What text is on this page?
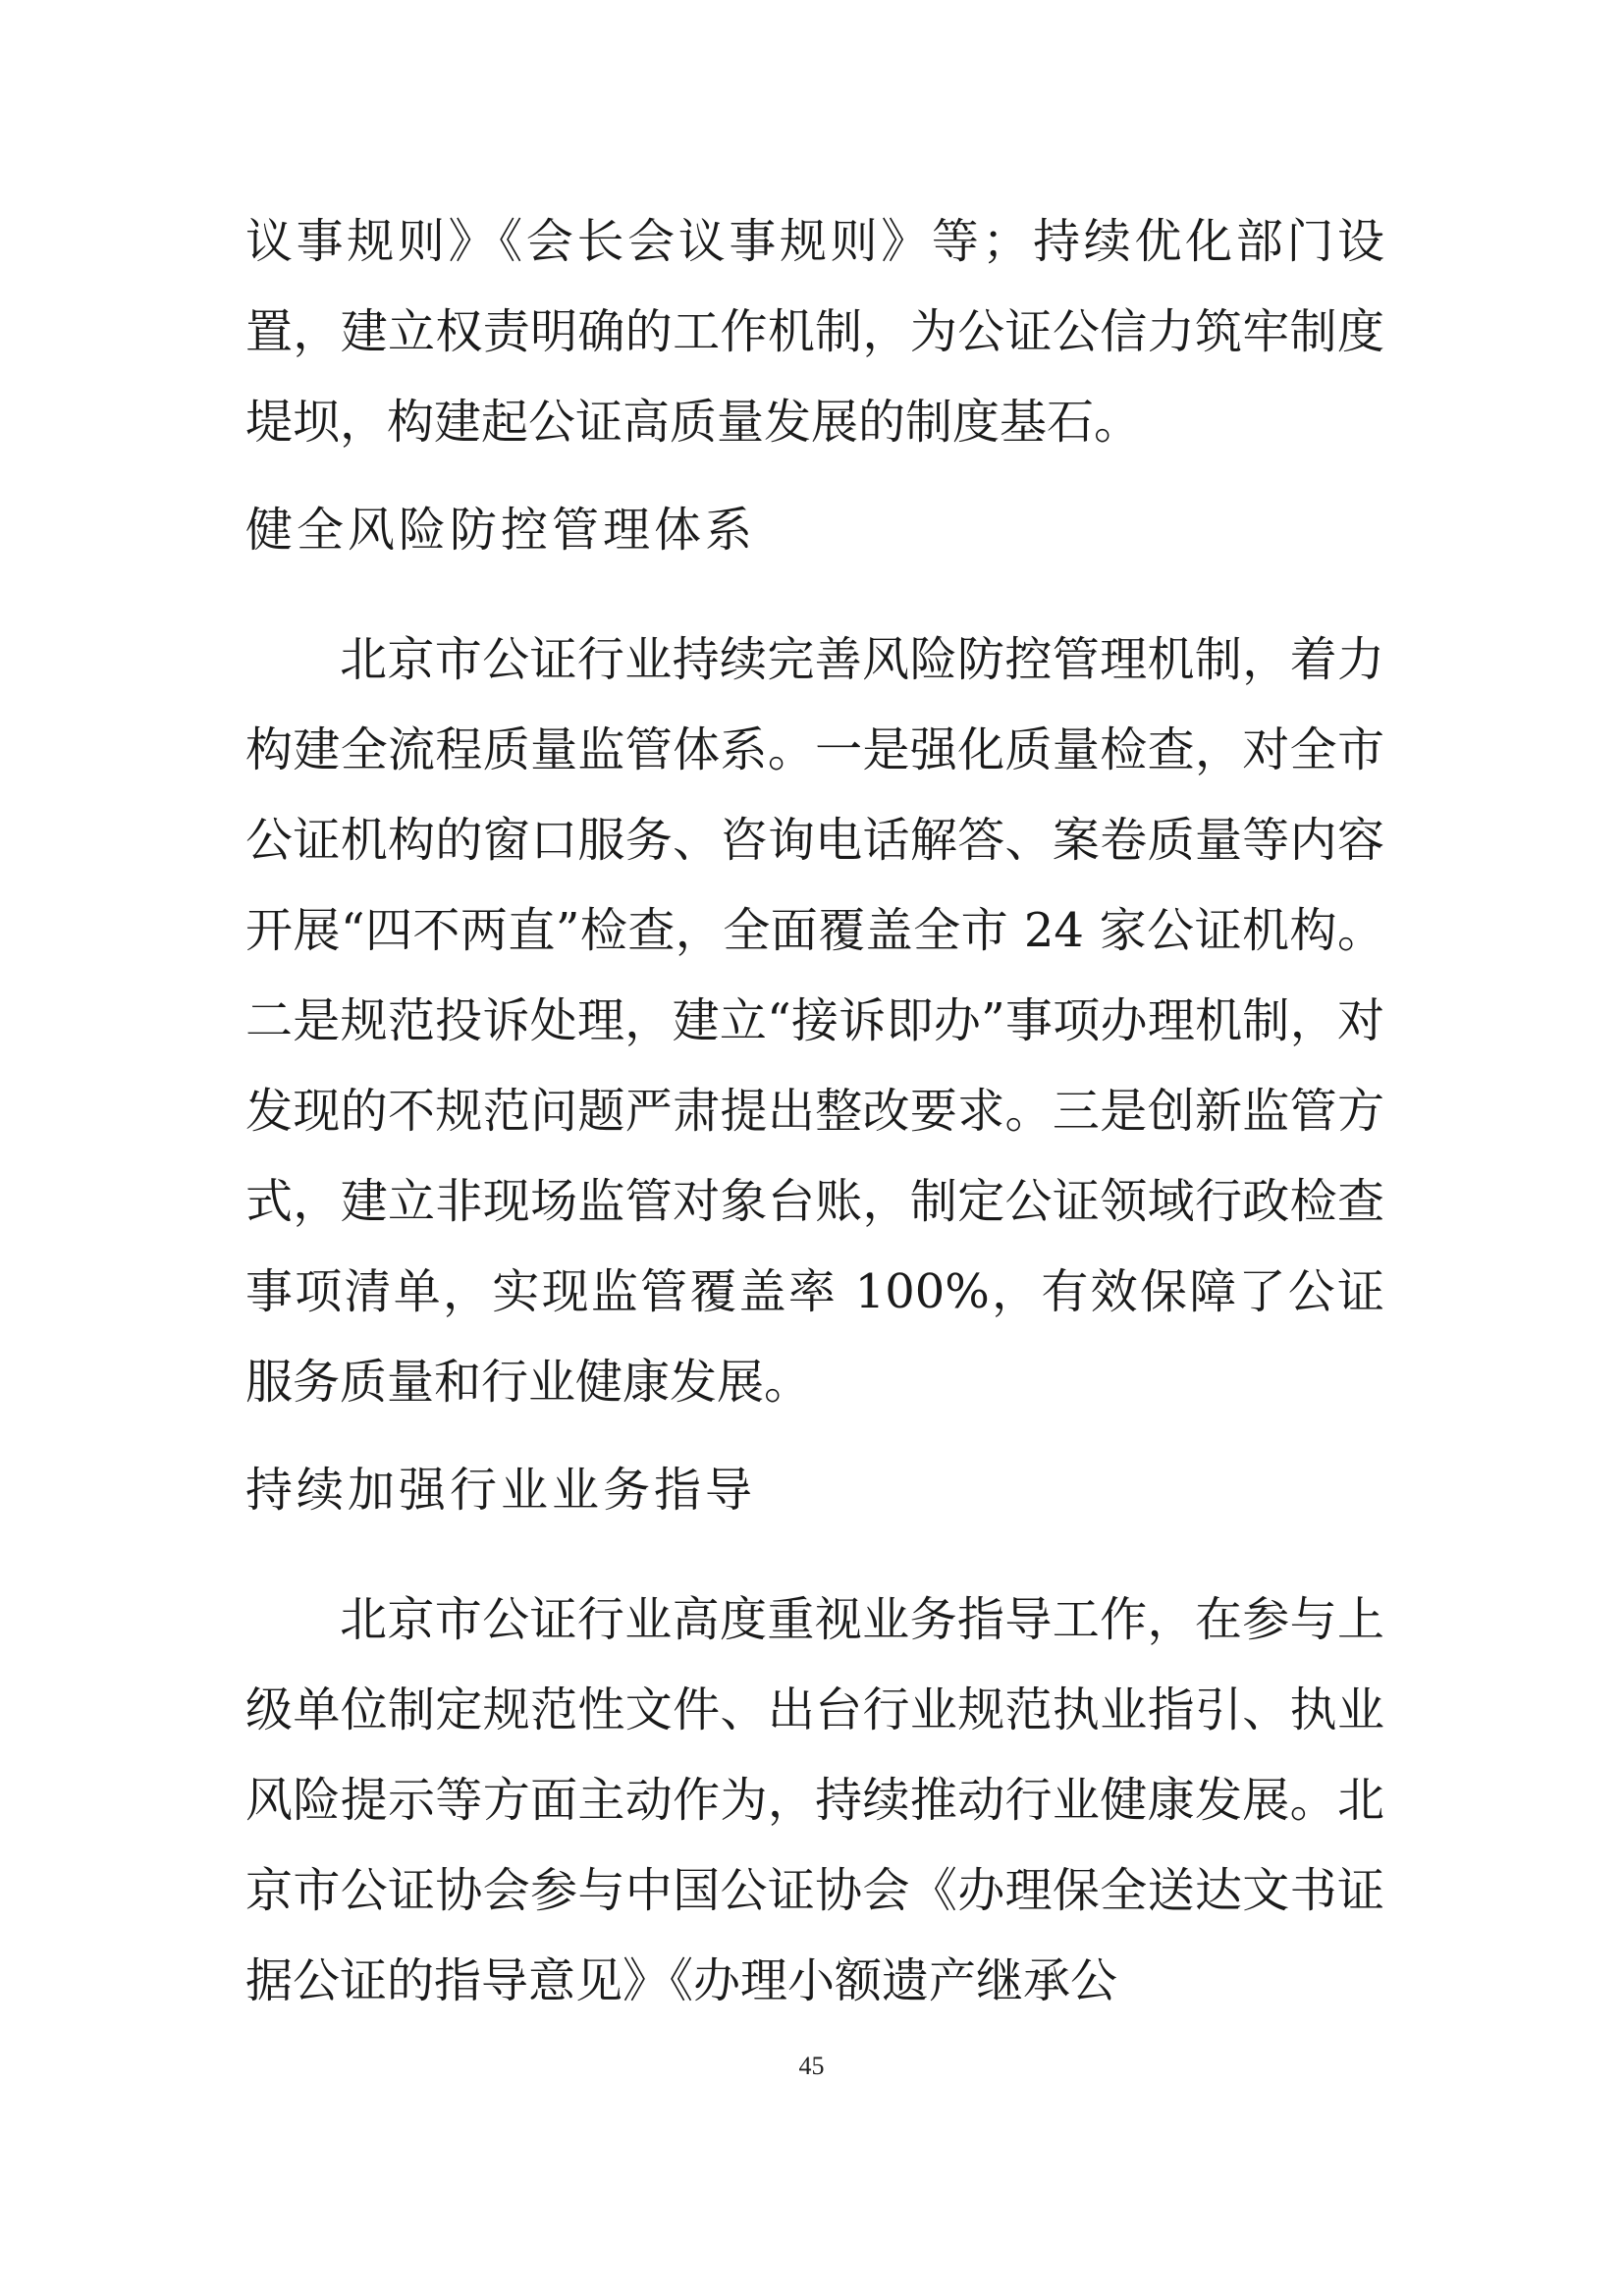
议事规则》《会长会议事规则》等；持续优化部门设置，建立权责明确的工作机制，为公证公信力筑牢制度堤坝，构建起公证高质量发展的制度基石。

健全风险防控管理体系

北京市公证行业持续完善风险防控管理机制，着力构建全流程质量监管体系。一是强化质量检查，对全市公证机构的窗口服务、咨询电话解答、案卷质量等内容开展“四不两直”检查，全面覆盖全市 24 家公证机构。二是规范投诉处理，建立“接诉即办”事项办理机制，对发现的不规范问题严肃提出整改要求。三是创新监管方式，建立非现场监管对象台账，制定公证领域行政检查事项清单，实现监管覆盖率 100%，有效保障了公证服务质量和行业健康发展。

持续加强行业业务指导

北京市公证行业高度重视业务指导工作，在参与上级单位制定规范性文件、出台行业规范执业指引、执业风险提示等方面主动作为，持续推动行业健康发展。北京市公证协会参与中国公证协会《办理保全送达文书证据公证的指导意见》《办理小额遗产继承公

45
